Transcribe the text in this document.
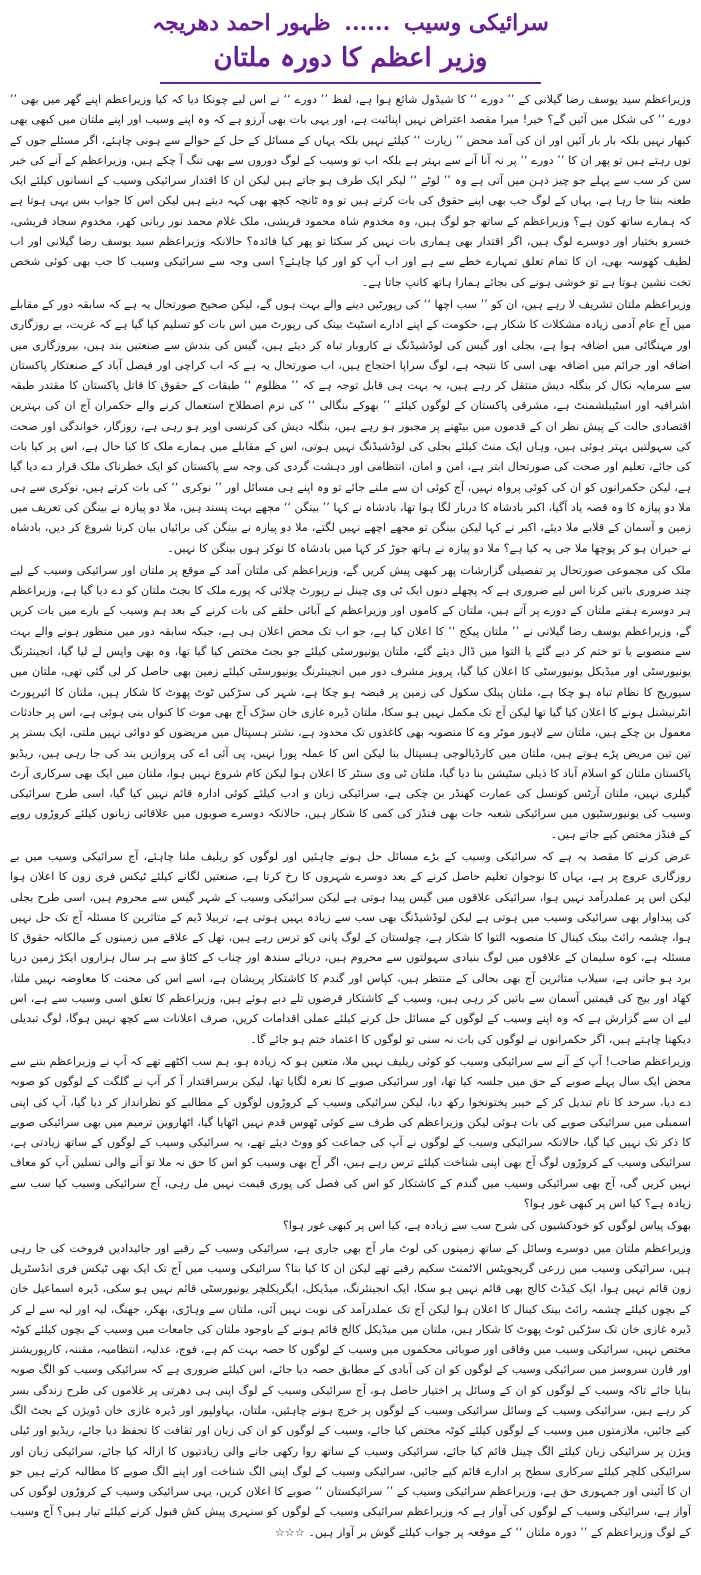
سرائیکی وسیب ...... ظہور احمد دھریجہ
وزیر اعظم کا دورہ ملتان

وزیراعظم سید یوسف رضا گیلانی کے ’’ دورے ‘‘ کا شیڈول شائع ہوا ہے، لفظ ’’ دورے ‘‘ نے اس لیے چونکا دیا کہ کیا وزیراعظم اپنے گھر میں بھی ’’ دورے ‘‘ کی شکل میں آئیں گے؟ خیر! میرا مقصد اعتراض نہیں اپنائیت ہے، اور یہی بات بھی آرزو ہے کہ وہ اپنے وسیب اور اپنے ملتان میں کبھی بھی کبھار نہیں بلکہ بار بار آئیں اور ان کی آمد محض ’’ زیارت ‘‘ کیلئے نہیں بلکہ یہاں کے مسائل کے حل کے حوالے سے ہونی چاہئے، اگر مسئلے جوں کے توں رہتے ہیں تو پھر ان کا ’’ دورے ‘‘ پر نہ آنا آنے سے بہتر ہے بلکہ اب تو وسیب کے لوگ دوروں سے بھی تنگ آ چکے ہیں، وزیراعظم کے آنے کی خبر سن کر سب سے پہلے جو چیز ذہن میں آتی ہے وہ ’’ لوٹے ‘‘ لیکر ایک طرف ہو جاتے ہیں لیکن ان کا اقتدار سرائیکی وسیب کے انسانوں کیلئے ایک طعنہ بنتا جا رہا ہے، یہاں کے لوگ جب بھی اپنے حقوق کی بات کرتے ہیں تو وہ ٹانچہ کچھ بھی کہہ دیتے ہیں لیکن اس کا جواب بس یہی ہوتا ہے کہ ہمارے ساتھ کون ہے؟ وزیراعظم کے ساتھ جو لوگ ہیں، وہ مخدوم شاہ محمود قریشی، ملک غلام محمد نور ربانی کھر، مخدوم سجاد قریشی، خسرو بختیار اور دوسرے لوگ ہیں، اگر اقتدار بھی ہماری بات نہیں کر سکتا تو پھر کیا فائدہ؟ حالانکہ وزیراعظم سید یوسف رضا گیلانی اور اب لطیف کھوسہ بھی، ان کا تمام تعلق تمہارے خطے سے ہے اور اب آپ کو اور کیا چاہئے؟ اسی وجہ سے سرائیکی وسیب کا جب بھی کوئی شخص تخت نشین ہوتا ہے تو خوشی ہونے کی بجائے ہمارا ہاتھ کانپ جاتا ہے۔

وزیراعظم ملتان تشریف لا رہے ہیں، ان کو ’’ سب اچھا ‘‘ کی رپورٹیں دینے والے بہت ہوں گے، لیکن صحیح صورتحال یہ ہے کہ سابقہ دور کے مقابلے میں آج عام آدمی زیادہ مشکلات کا شکار ہے، حکومت کے اپنے ادارے اسٹیٹ بینک کی رپورٹ میں اس بات کو تسلیم کیا گیا ہے کہ غربت، بے روزگاری اور مہنگائی میں اضافہ ہوا ہے، بجلی اور گیس کی لوڈشیڈنگ نے کاروبار تباہ کر دیئے ہیں، گیس کی بندش سے صنعتیں بند ہیں، بیروزگاری میں اضافہ اور جرائم میں اضافہ بھی اسی کا نتیجہ ہے، لوگ سراپا احتجاج ہیں، اب صورتحال یہ ہے کہ اب کراچی اور فیصل آباد کے صنعتکار پاکستان سے سرمایہ نکال کر بنگلہ دیش منتقل کر رہے ہیں، یہ بہت ہی قابل توجہ ہے کہ ’’ مظلوم ‘‘ طبقات کے حقوق کا قاتل پاکستان کا مقتدر طبقہ اشرافیہ اور اسٹیبلشمنٹ ہے، مشرقی پاکستان کے لوگوں کیلئے ’’ بھوکے بنگالی ‘‘ کی نرم اصطلاح استعمال کرنے والے حکمران آج ان کی بہترین اقتصادی حالت کے پیش نظر ان کے قدموں میں بیٹھنے پر مجبور ہو رہے ہیں، بنگلہ دیش کی کرنسی اوپر ہو رہی ہے، روزگار، خواندگی اور صحت کی سہولتیں بہتر ہوئی ہیں، وہاں ایک منٹ کیلئے بجلی کی لوڈشیڈنگ نہیں ہوتی، اس کے مقابلے میں ہمارے ملک کا کیا حال ہے، اس پر کیا بات کی جائے، تعلیم اور صحت کی صورتحال ابتر ہے، امن و امان، انتظامی اور دہشت گردی کی وجہ سے پاکستان کو ایک خطرناک ملک قرار دے دیا گیا ہے، لیکن حکمرانوں کو ان کی کوئی پرواہ نہیں، آج کوئی ان سے ملنے جائے تو وہ اپنے ہی مسائل اور ’’ نوکری ‘‘ کی بات کرتے ہیں، نوکری سے ہی ملا دو پیازہ کا وہ قصہ یاد آگیا، اکبر بادشاہ کا دربار لگا ہوا تھا، بادشاہ نے کہا ’’ بینگن ‘‘ مجھے بہت پسند ہیں، ملا دو پیازہ نے بینگن کی تعریف میں زمین و آسمان کے قلابے ملا دیئے، اکبر نے کہا لیکن بینگن تو مجھے اچھے نہیں لگتے، ملا دو پیازہ نے بینگن کی برائیاں بیان کرنا شروع کر دیں، بادشاہ نے حیران ہو کر پوچھا ملا جی یہ کیا ہے؟ ملا دو پیازہ نے ہاتھ جوڑ کر کہا میں بادشاہ کا نوکر ہوں بینگن کا نہیں۔

ملک کی مجموعی صورتحال پر تفصیلی گزارشات پھر کبھی پیش کریں گے، وزیراعظم کی ملتان آمد کے موقع پر ملتان اور سرائیکی وسیب کے لیے چند ضروری باتیں کرنا اس لیے ضروری ہے کہ پچھلے دنوں ایک ٹی وی چینل نے رپورٹ چلائی کہ پورے ملک کا بجٹ ملتان کو دے دیا گیا ہے، وزیراعظم ہر دوسرے ہفتے ملتان کے دورے پر آتے ہیں، ملتان کے کاموں اور وزیراعظم کے آبائی حلقے کی بات کرنے کے بعد ہم وسیب کے بارے میں بات کریں گے، وزیراعظم یوسف رضا گیلانی نے ’’ ملتان پیکج ‘‘ کا اعلان کیا ہے، جو اب تک محض اعلان ہی ہے، جبکہ سابقہ دور میں منظور ہونے والے بہت سے منصوبے یا تو ختم کر دیے گئے یا التوا میں ڈال دیئے گئے، ملتان یونیورسٹی کیلئے جو بجٹ مختص کیا گیا تھا، وہ بھی واپس لے لیا گیا، انجینئرنگ یونیورسٹی اور میڈیکل یونیورسٹی کا اعلان کیا گیا، پرویز مشرف دور میں انجینئرنگ یونیورسٹی کیلئے زمین بھی حاصل کر لی گئی تھی، ملتان میں سیوریج کا نظام تباہ ہو چکا ہے، ملتان پبلک سکول کی زمین پر قبضہ ہو چکا ہے، شہر کی سڑکیں ٹوٹ پھوٹ کا شکار ہیں، ملتان کا ائیرپورٹ انٹرنیشنل ہونے کا اعلان کیا گیا تھا لیکن آج تک مکمل نہیں ہو سکا، ملتان ڈیرہ غازی خان سڑک آج بھی موت کا کنواں بنی ہوئی ہے، اس پر حادثات معمول بن چکے ہیں، ملتان سے لاہور موٹر وے کا منصوبہ بھی کاغذوں تک محدود ہے، نشتر ہسپتال میں مریضوں کو دوائی نہیں ملتی، ایک بستر پر تین تین مریض پڑے ہوتے ہیں، ملتان میں کارڈیالوجی ہسپتال بنا لیکن اس کا عملہ پورا نہیں، پی آئی اے کی پروازیں بند کی جا رہی ہیں، ریڈیو پاکستان ملتان کو اسلام آباد کا ذیلی سٹیشن بنا دیا گیا، ملتان ٹی وی سنٹر کا اعلان ہوا لیکن کام شروع نہیں ہوا، ملتان میں ایک بھی سرکاری آرٹ گیلری نہیں، ملتان آرٹس کونسل کی عمارت کھنڈر بن چکی ہے، سرائیکی زبان و ادب کیلئے کوئی ادارہ قائم نہیں کیا گیا، اسی طرح سرائیکی وسیب کی یونیورسٹیوں میں سرائیکی شعبہ جات بھی فنڈز کی کمی کا شکار ہیں، حالانکہ دوسرے صوبوں میں علاقائی زبانوں کیلئے کروڑوں روپے کے فنڈز مختص کیے جاتے ہیں۔

عرض کرنے کا مقصد یہ ہے کہ سرائیکی وسیب کے بڑے مسائل حل ہونے چاہئیں اور لوگوں کو ریلیف ملنا چاہئے، آج سرائیکی وسیب میں بے روزگاری عروج پر ہے، یہاں کا نوجوان تعلیم حاصل کرنے کے بعد دوسرے شہروں کا رخ کرتا ہے، صنعتیں لگانے کیلئے ٹیکس فری زون کا اعلان ہوا لیکن اس پر عملدرآمد نہیں ہوا، سرائیکی علاقوں میں گیس پیدا ہوتی ہے لیکن سرائیکی وسیب کے شہر گیس سے محروم ہیں، اسی طرح بجلی کی پیداوار بھی سرائیکی وسیب میں ہوتی ہے لیکن لوڈشیڈنگ بھی سب سے زیادہ یہیں ہوتی ہے، تربیلا ڈیم کے متاثرین کا مسئلہ آج تک حل نہیں ہوا، چشمہ رائٹ بینک کینال کا منصوبہ التوا کا شکار ہے، چولستان کے لوگ پانی کو ترس رہے ہیں، تھل کے علاقے میں زمینوں کے مالکانہ حقوق کا مسئلہ ہے، کوہ سلیمان کے علاقوں میں لوگ بنیادی سہولتوں سے محروم ہیں، دریائے سندھ اور چناب کے کٹاؤ سے ہر سال ہزاروں ایکڑ زمین دریا برد ہو جاتی ہے، سیلاب متاثرین آج بھی بحالی کے منتظر ہیں، کپاس اور گندم کا کاشتکار پریشان ہے، اسے اس کی محنت کا معاوضہ نہیں ملتا، کھاد اور بیج کی قیمتیں آسمان سے باتیں کر رہی ہیں، وسیب کے کاشتکار قرضوں تلے دبے ہوئے ہیں، وزیراعظم کا تعلق اسی وسیب سے ہے، اس لیے ان سے گزارش ہے کہ وہ اپنے وسیب کے لوگوں کے مسائل حل کرنے کیلئے عملی اقدامات کریں، صرف اعلانات سے کچھ نہیں ہوگا، لوگ تبدیلی دیکھنا چاہتے ہیں، اگر حکمرانوں نے لوگوں کی بات نہ سنی تو لوگوں کا اعتماد ختم ہو جائے گا۔

وزیراعظم صاحب! آپ کے آنے سے سرائیکی وسیب کو کوئی ریلیف نہیں ملا، متعین ہو کہ زیادہ ہو، ہم سب اکٹھے تھے کہ آپ نے وزیراعظم بننے سے محض ایک سال پہلے صوبے کے حق میں جلسہ کیا تھا، اور سرائیکی صوبے کا نعرہ لگایا تھا، لیکن برسراقتدار آ کر آپ نے گلگت کے لوگوں کو صوبہ دے دیا، سرحد کا نام تبدیل کر کے خیبر پختونخوا رکھ دیا، لیکن سرائیکی وسیب کے کروڑوں لوگوں کے مطالبے کو نظرانداز کر دیا گیا، آپ کی اپنی اسمبلی میں سرائیکی صوبے کی بات ہوئی لیکن وزیراعظم کی طرف سے کوئی ٹھوس قدم نہیں اٹھایا گیا، اٹھارویں ترمیم میں بھی سرائیکی صوبے کا ذکر تک نہیں کیا گیا، حالانکہ سرائیکی وسیب کے لوگوں نے آپ کی جماعت کو ووٹ دیئے تھے، یہ سرائیکی وسیب کے لوگوں کے ساتھ زیادتی ہے، سرائیکی وسیب کے کروڑوں لوگ آج بھی اپنی شناخت کیلئے ترس رہے ہیں، اگر آج بھی وسیب کو اس کا حق نہ ملا تو آنے والی نسلیں آپ کو معاف نہیں کریں گی، آج بھی سرائیکی وسیب میں گندم کے کاشتکار کو اس کی فصل کی پوری قیمت نہیں مل رہی، آج سرائیکی وسیب کیا سب سے زیادہ ہے؟ کیا اس پر کبھی غور ہوا؟

بھوک پیاس لوگوں کو خودکشیوں کی شرح سب سے زیادہ ہے، کیا اس پر کبھی غور ہوا؟

وزیراعظم ملتان میں دوسرے وسائل کے ساتھ زمینوں کی لوٹ مار آج بھی جاری ہے، سرائیکی وسیب کے رقبے اور جائیدادیں فروخت کی جا رہی ہیں، سرائیکی وسیب میں زرعی گریجویٹس الاٹمنٹ سکیم رقبے تھے لیکن ان کا کیا بنا؟ سرائیکی وسیب میں آج تک ایک بھی ٹیکس فری انڈسٹریل زون قائم نہیں ہوا، ایک کیڈٹ کالج بھی قائم نہیں ہو سکا، ایک انجینئرنگ، میڈیکل، ایگریکلچر یونیورسٹی قائم نہیں ہو سکی، ڈیرہ اسماعیل خان کے بچوں کیلئے چشمہ رائٹ بینک کینال کا اعلان ہوا لیکن آج تک عملدرآمد کی نوبت نہیں آئی، ملتان سے وہاڑی، بھکر، جھنگ، لیہ اور لیہ سے لے کر ڈیرہ غازی خان تک سڑکیں ٹوٹ پھوٹ کا شکار ہیں، ملتان میں میڈیکل کالج قائم ہونے کے باوجود ملتان کی جامعات میں وسیب کے بچوں کیلئے کوٹہ مختص نہیں، سرائیکی وسیب میں وفاقی اور صوبائی محکموں میں وسیب کے لوگوں کا حصہ بہت کم ہے، فوج، عدلیہ، انتظامیہ، مقننہ، کارپوریشنز اور فارن سروسز میں سرائیکی وسیب کے لوگوں کو ان کی آبادی کے مطابق حصہ دیا جائے، اس کیلئے ضروری ہے کہ سرائیکی وسیب کو الگ صوبہ بنایا جائے تاکہ وسیب کے لوگوں کو ان کے وسائل پر اختیار حاصل ہو، آج سرائیکی وسیب کے لوگ اپنی ہی دھرتی پر غلاموں کی طرح زندگی بسر کر رہے ہیں، سرائیکی وسیب کے وسائل سرائیکی وسیب کے لوگوں پر خرچ ہونے چاہئیں، ملتان، بہاولپور اور ڈیرہ غازی خان ڈویژن کے بجٹ الگ کیے جائیں، ملازمتوں میں وسیب کے لوگوں کیلئے کوٹہ مختص کیا جائے، وسیب کے لوگوں کو ان کی زبان اور ثقافت کا تحفظ دیا جائے، ریڈیو اور ٹیلی ویژن پر سرائیکی زبان کیلئے الگ چینل قائم کیا جائے، سرائیکی وسیب کے ساتھ روا رکھی جانے والی زیادتیوں کا ازالہ کیا جائے، سرائیکی زبان اور سرائیکی کلچر کیلئے سرکاری سطح پر ادارے قائم کیے جائیں، سرائیکی وسیب کے لوگ اپنی الگ شناخت اور اپنے الگ صوبے کا مطالبہ کرتے ہیں جو ان کا آئینی اور جمہوری حق ہے، وزیراعظم سرائیکی وسیب کے ’’ سرائیکستان ‘‘ صوبے کا اعلان کریں، یہی سرائیکی وسیب کے کروڑوں لوگوں کی آواز ہے، سرائیکی وسیب کے لوگوں کی آواز ہے کہ وزیراعظم سرائیکی وسیب کے لوگوں کو سنہری پیش کش قبول کرنے کیلئے تیار ہیں؟ آج وسیب کے لوگ وزیراعظم کے ’’ دورہ ملتان ‘‘ کے موقعہ پر جواب کیلئے گوش بر آواز ہیں۔ ☆☆☆
